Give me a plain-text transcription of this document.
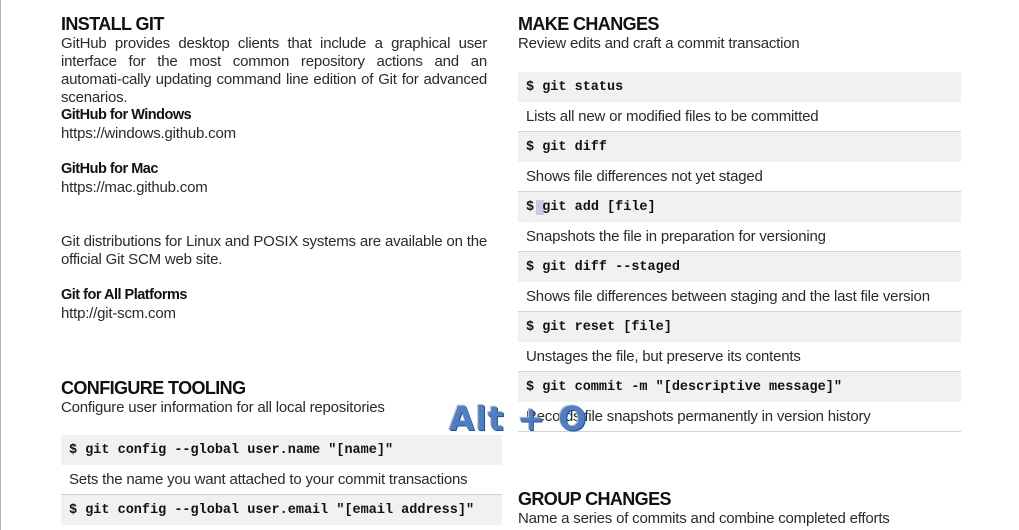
INSTALL GIT
GitHub provides desktop clients that include a graphical user interface for the most common repository actions and an automati-cally updating command line edition of Git for advanced scenarios.
GitHub for Windows
https://windows.github.com
GitHub for Mac
https://mac.github.com
Git distributions for Linux and POSIX systems are available on the official Git SCM web site.
Git for All Platforms
http://git-scm.com
CONFIGURE TOOLING
Configure user information for all local repositories
$ git config --global user.name "[name]"
Sets the name you want attached to your commit transactions
$ git config --global user.email "[email address]"
MAKE CHANGES
Review edits and craft a commit transaction
$ git status
Lists all new or modified files to be committed
$ git diff
Shows file differences not yet staged
$
git add [file]
Snapshots the file in preparation for versioning
$ git diff --staged
Shows file differences between staging and the last file version
$ git reset [file]
Unstages the file, but preserve its contents
$ git commit -m "[descriptive message]"
Records file snapshots permanently in version history
GROUP CHANGES
Name a series of commits and combine completed efforts
Alt + O
